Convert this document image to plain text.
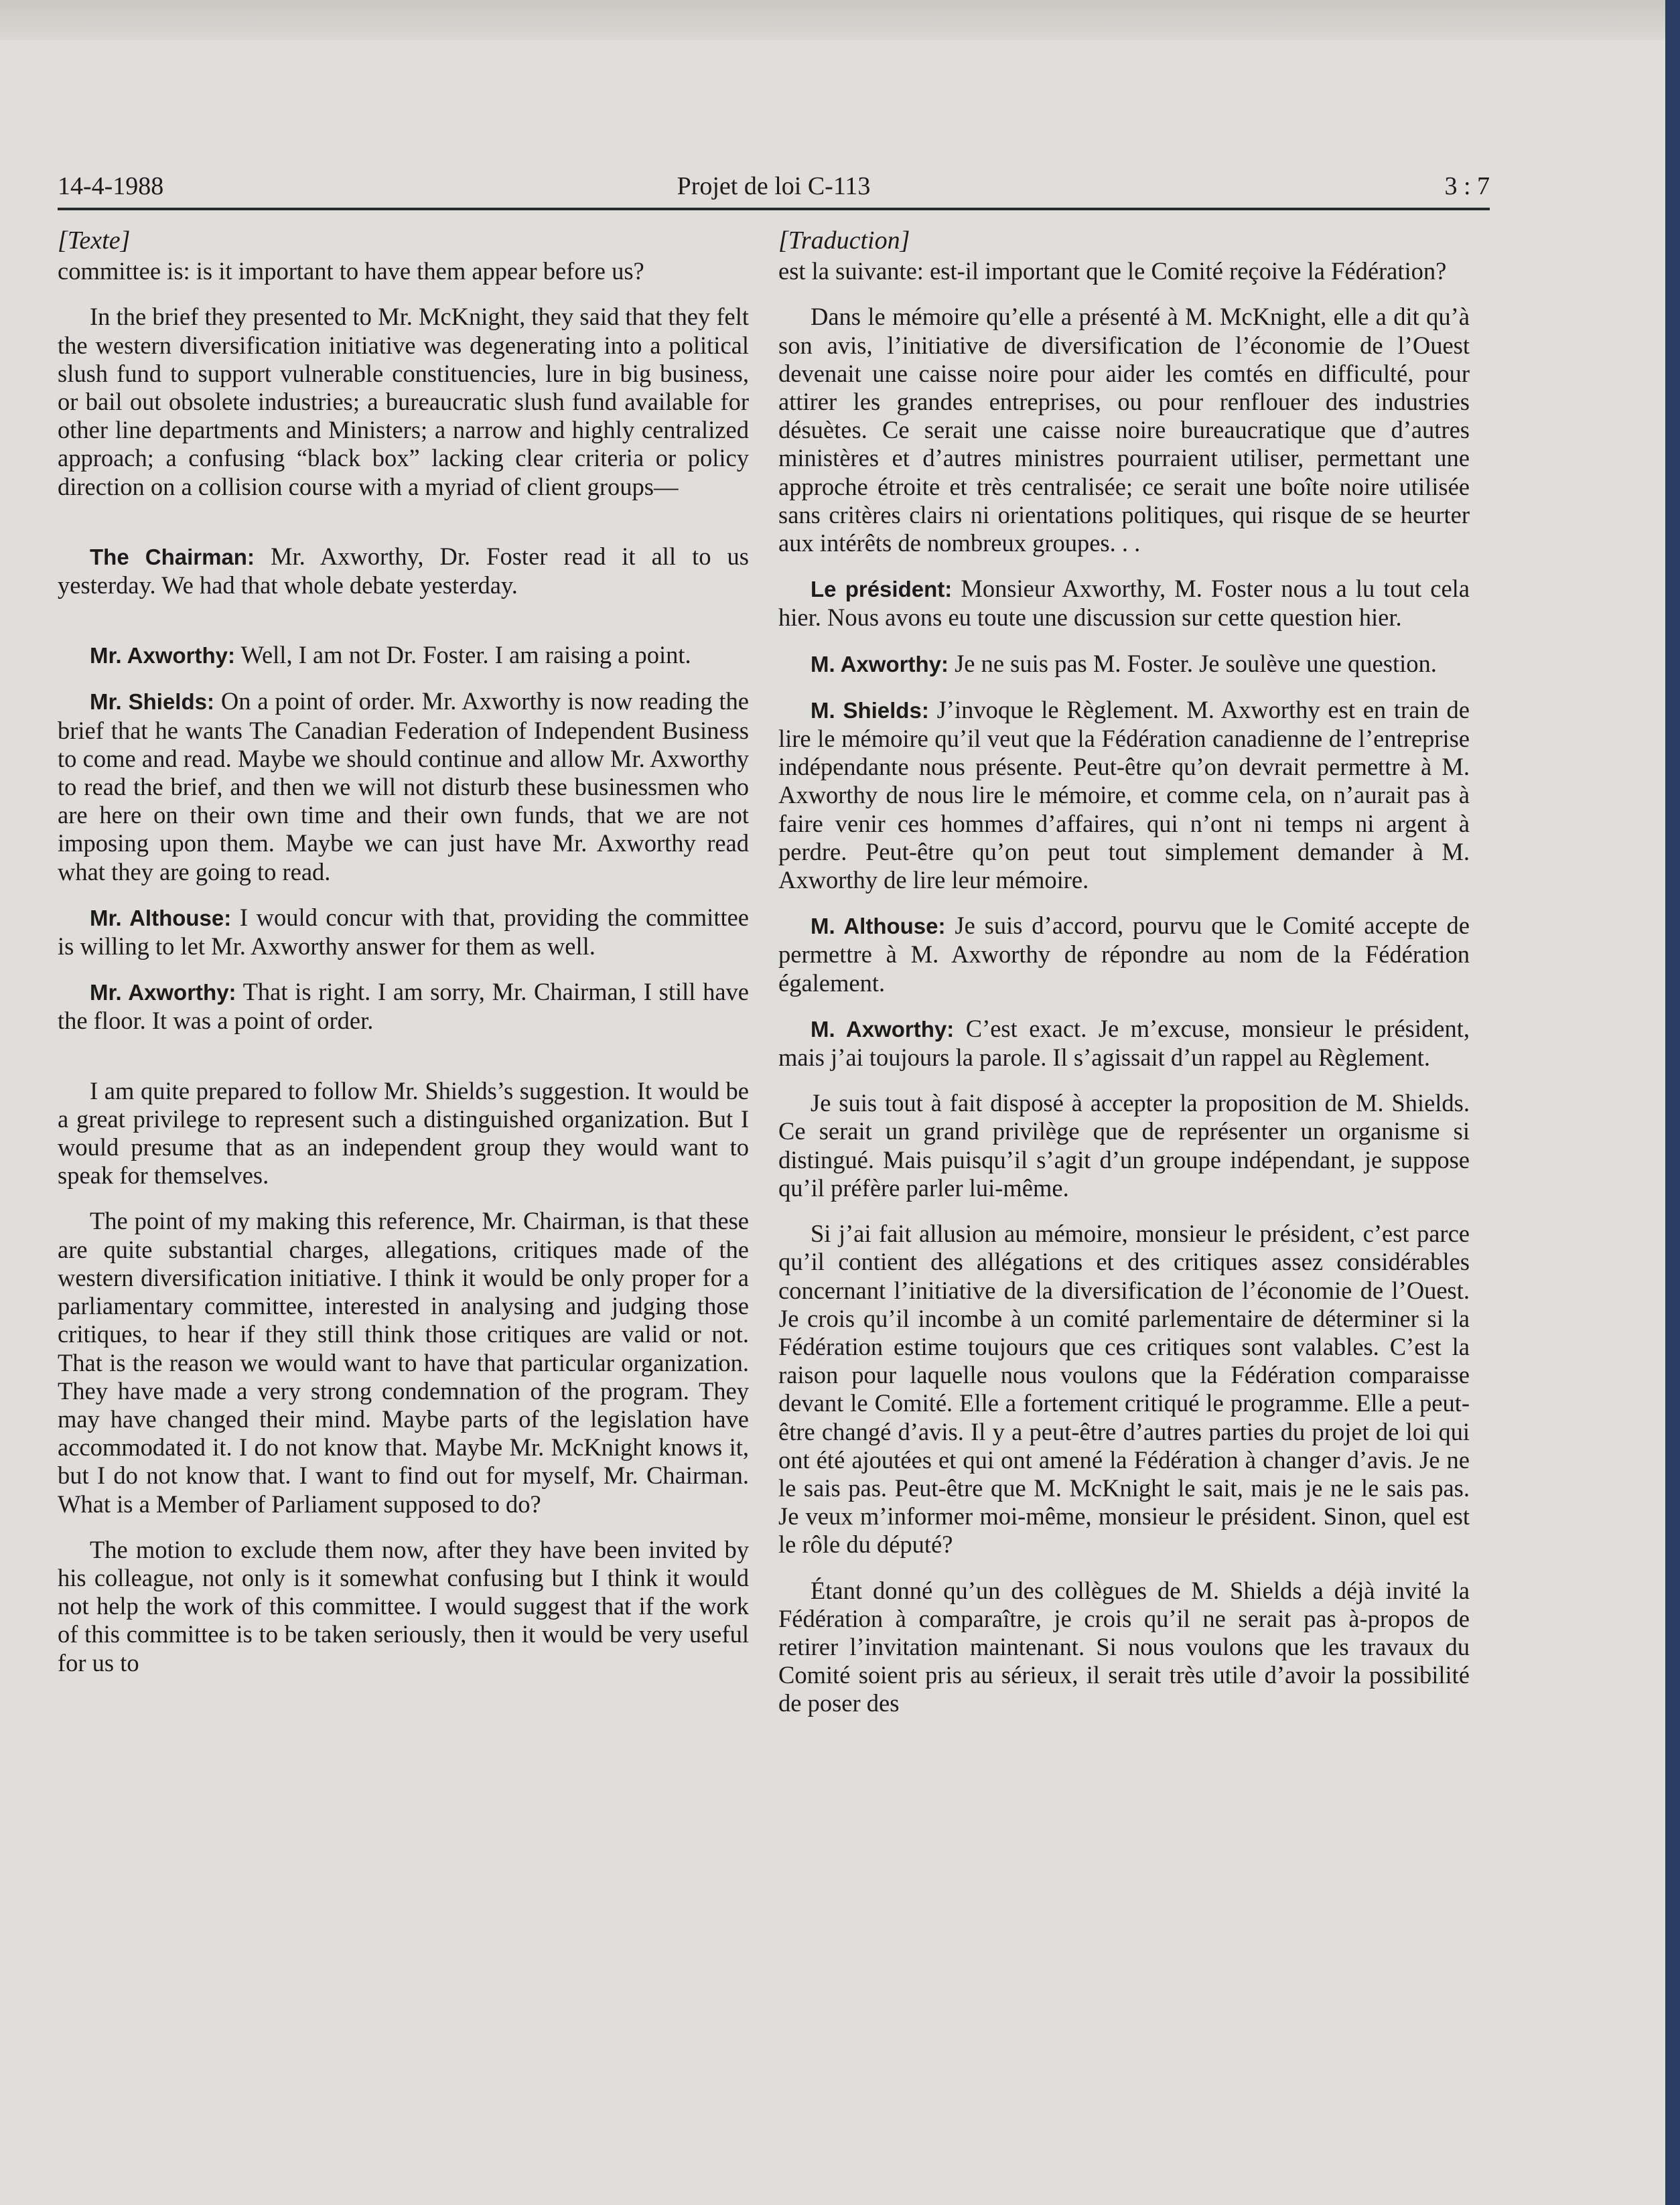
14-4-1988	Projet de loi C-113	3 : 7
[Texte]

committee is: is it important to have them appear before us?

In the brief they presented to Mr. McKnight, they said that they felt the western diversification initiative was degenerating into a political slush fund to support vulnerable constituencies, lure in big business, or bail out obsolete industries; a bureaucratic slush fund available for other line departments and Ministers; a narrow and highly centralized approach; a confusing “black box” lacking clear criteria or policy direction on a collision course with a myriad of client groups—

The Chairman: Mr. Axworthy, Dr. Foster read it all to us yesterday. We had that whole debate yesterday.

Mr. Axworthy: Well, I am not Dr. Foster. I am raising a point.

Mr. Shields: On a point of order. Mr. Axworthy is now reading the brief that he wants The Canadian Federation of Independent Business to come and read. Maybe we should continue and allow Mr. Axworthy to read the brief, and then we will not disturb these businessmen who are here on their own time and their own funds, that we are not imposing upon them. Maybe we can just have Mr. Axworthy read what they are going to read.

Mr. Althouse: I would concur with that, providing the committee is willing to let Mr. Axworthy answer for them as well.

Mr. Axworthy: That is right. I am sorry, Mr. Chairman, I still have the floor. It was a point of order.

I am quite prepared to follow Mr. Shields’s suggestion. It would be a great privilege to represent such a distinguished organization. But I would presume that as an independent group they would want to speak for themselves.

The point of my making this reference, Mr. Chairman, is that these are quite substantial charges, allegations, critiques made of the western diversification initiative. I think it would be only proper for a parliamentary committee, interested in analysing and judging those critiques, to hear if they still think those critiques are valid or not. That is the reason we would want to have that particular organization. They have made a very strong condemnation of the program. They may have changed their mind. Maybe parts of the legislation have accommodated it. I do not know that. Maybe Mr. McKnight knows it, but I do not know that. I want to find out for myself, Mr. Chairman. What is a Member of Parliament supposed to do?

The motion to exclude them now, after they have been invited by his colleague, not only is it somewhat confusing but I think it would not help the work of this committee. I would suggest that if the work of this committee is to be taken seriously, then it would be very useful for us to

[Traduction]

est la suivante: est-il important que le Comité reçoive la Fédération?

Dans le mémoire qu’elle a présenté à M. McKnight, elle a dit qu’à son avis, l’initiative de diversification de l’économie de l’Ouest devenait une caisse noire pour aider les comtés en difficulté, pour attirer les grandes entreprises, ou pour renflouer des industries désuètes. Ce serait une caisse noire bureaucratique que d’autres ministères et d’autres ministres pourraient utiliser, permettant une approche étroite et très centralisée; ce serait une boîte noire utilisée sans critères clairs ni orientations politiques, qui risque de se heurter aux intérêts de nombreux groupes. . .

Le président: Monsieur Axworthy, M. Foster nous a lu tout cela hier. Nous avons eu toute une discussion sur cette question hier.

M. Axworthy: Je ne suis pas M. Foster. Je soulève une question.

M. Shields: J’invoque le Règlement. M. Axworthy est en train de lire le mémoire qu’il veut que la Fédération canadienne de l’entreprise indépendante nous présente. Peut-être qu’on devrait permettre à M. Axworthy de nous lire le mémoire, et comme cela, on n’aurait pas à faire venir ces hommes d’affaires, qui n’ont ni temps ni argent à perdre. Peut-être qu’on peut tout simplement demander à M. Axworthy de lire leur mémoire.

M. Althouse: Je suis d’accord, pourvu que le Comité accepte de permettre à M. Axworthy de répondre au nom de la Fédération également.

M. Axworthy: C’est exact. Je m’excuse, monsieur le président, mais j’ai toujours la parole. Il s’agissait d’un rappel au Règlement.

Je suis tout à fait disposé à accepter la proposition de M. Shields. Ce serait un grand privilège que de représenter un organisme si distingué. Mais puisqu’il s’agit d’un groupe indépendant, je suppose qu’il préfère parler lui-même.

Si j’ai fait allusion au mémoire, monsieur le président, c’est parce qu’il contient des allégations et des critiques assez considérables concernant l’initiative de la diversification de l’économie de l’Ouest. Je crois qu’il incombe à un comité parlementaire de déterminer si la Fédération estime toujours que ces critiques sont valables. C’est la raison pour laquelle nous voulons que la Fédération comparaisse devant le Comité. Elle a fortement critiqué le programme. Elle a peut-être changé d’avis. Il y a peut-être d’autres parties du projet de loi qui ont été ajoutées et qui ont amené la Fédération à changer d’avis. Je ne le sais pas. Peut-être que M. McKnight le sait, mais je ne le sais pas. Je veux m’informer moi-même, monsieur le président. Sinon, quel est le rôle du député?

Étant donné qu’un des collègues de M. Shields a déjà invité la Fédération à comparaître, je crois qu’il ne serait pas à-propos de retirer l’invitation maintenant. Si nous voulons que les travaux du Comité soient pris au sérieux, il serait très utile d’avoir la possibilité de poser des
